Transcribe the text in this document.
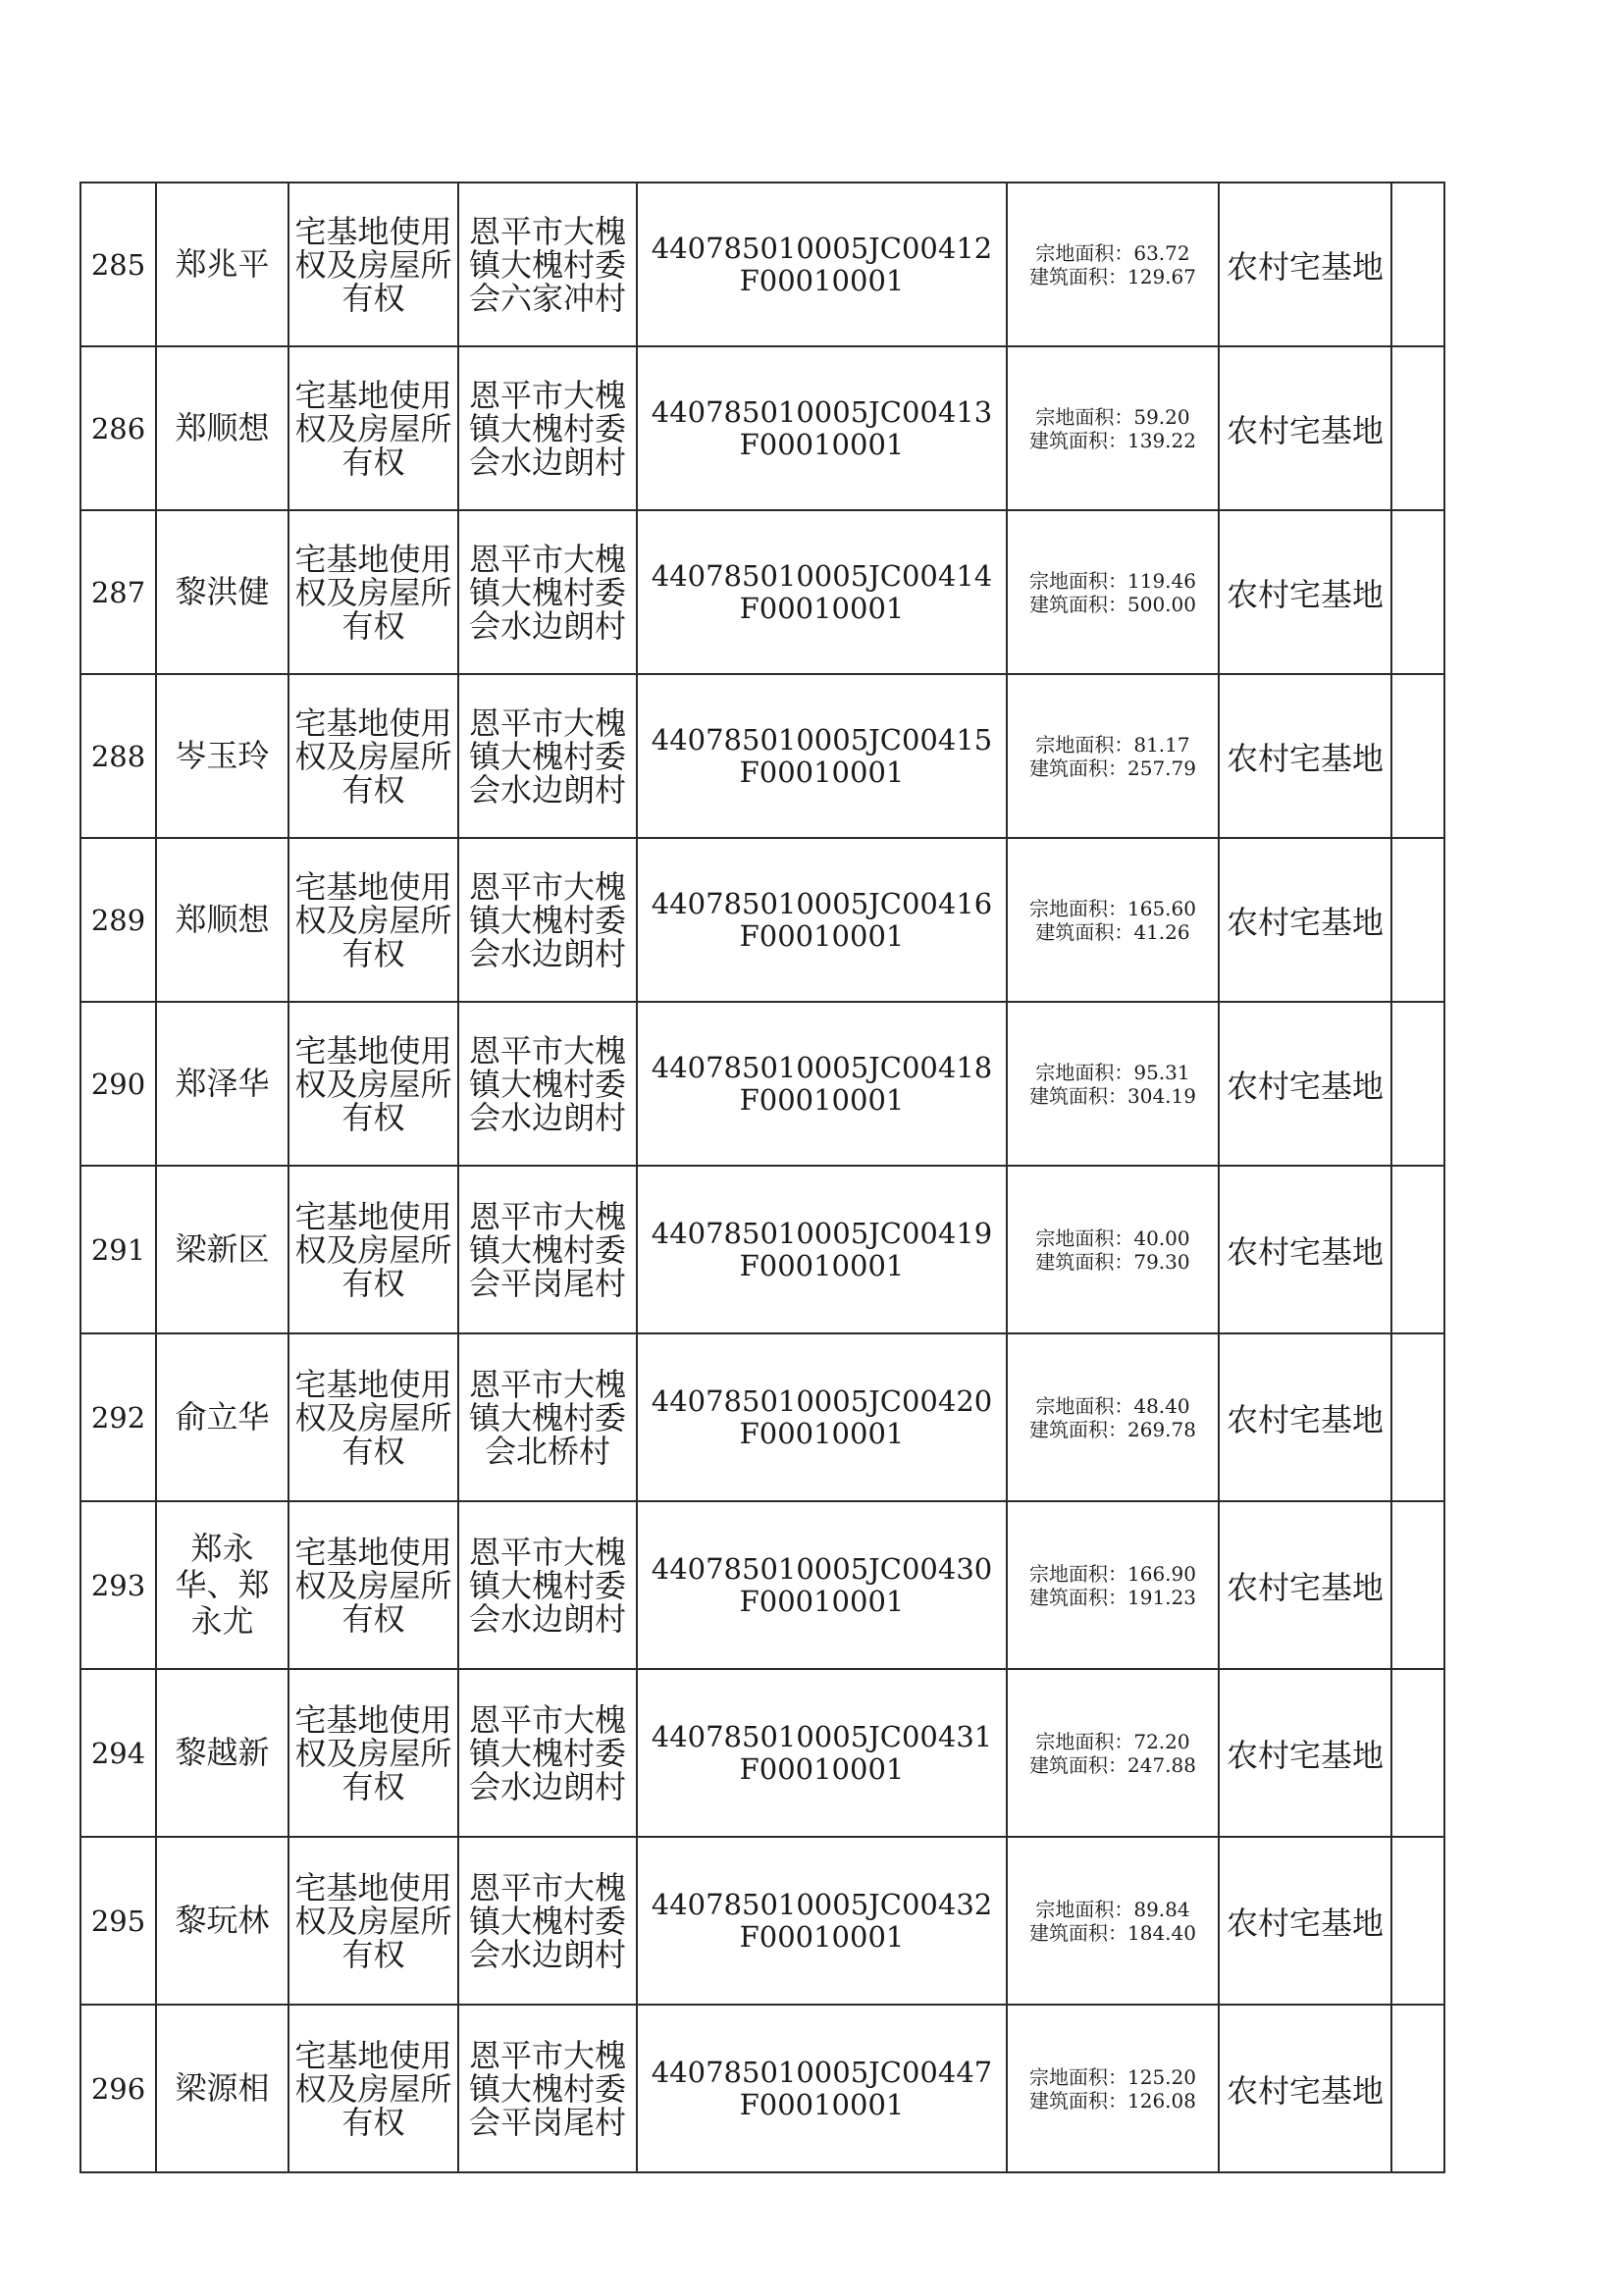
285	郑兆平	宅基地使用权及房屋所有权	恩平市大槐镇大槐村委会六家冲村	440785010005JC00412F00010001	宗地面积：63.72
建筑面积：129.67	农村宅基地	
286	郑顺想	宅基地使用权及房屋所有权	恩平市大槐镇大槐村委会水边朗村	440785010005JC00413F00010001	宗地面积：59.20
建筑面积：139.22	农村宅基地	
287	黎洪健	宅基地使用权及房屋所有权	恩平市大槐镇大槐村委会水边朗村	440785010005JC00414F00010001	宗地面积：119.46
建筑面积：500.00	农村宅基地	
288	岑玉玲	宅基地使用权及房屋所有权	恩平市大槐镇大槐村委会水边朗村	440785010005JC00415F00010001	宗地面积：81.17
建筑面积：257.79	农村宅基地	
289	郑顺想	宅基地使用权及房屋所有权	恩平市大槐镇大槐村委会水边朗村	440785010005JC00416F00010001	宗地面积：165.60
建筑面积：41.26	农村宅基地	
290	郑泽华	宅基地使用权及房屋所有权	恩平市大槐镇大槐村委会水边朗村	440785010005JC00418F00010001	宗地面积：95.31
建筑面积：304.19	农村宅基地	
291	梁新区	宅基地使用权及房屋所有权	恩平市大槐镇大槐村委会平岗尾村	440785010005JC00419F00010001	宗地面积：40.00
建筑面积：79.30	农村宅基地	
292	俞立华	宅基地使用权及房屋所有权	恩平市大槐镇大槐村委会北桥村	440785010005JC00420F00010001	宗地面积：48.40
建筑面积：269.78	农村宅基地	
293	郑永华、郑永尤	宅基地使用权及房屋所有权	恩平市大槐镇大槐村委会水边朗村	440785010005JC00430F00010001	宗地面积：166.90
建筑面积：191.23	农村宅基地	
294	黎越新	宅基地使用权及房屋所有权	恩平市大槐镇大槐村委会水边朗村	440785010005JC00431F00010001	宗地面积：72.20
建筑面积：247.88	农村宅基地	
295	黎玩林	宅基地使用权及房屋所有权	恩平市大槐镇大槐村委会水边朗村	440785010005JC00432F00010001	宗地面积：89.84
建筑面积：184.40	农村宅基地	
296	梁源相	宅基地使用权及房屋所有权	恩平市大槐镇大槐村委会平岗尾村	440785010005JC00447F00010001	宗地面积：125.20
建筑面积：126.08	农村宅基地	
